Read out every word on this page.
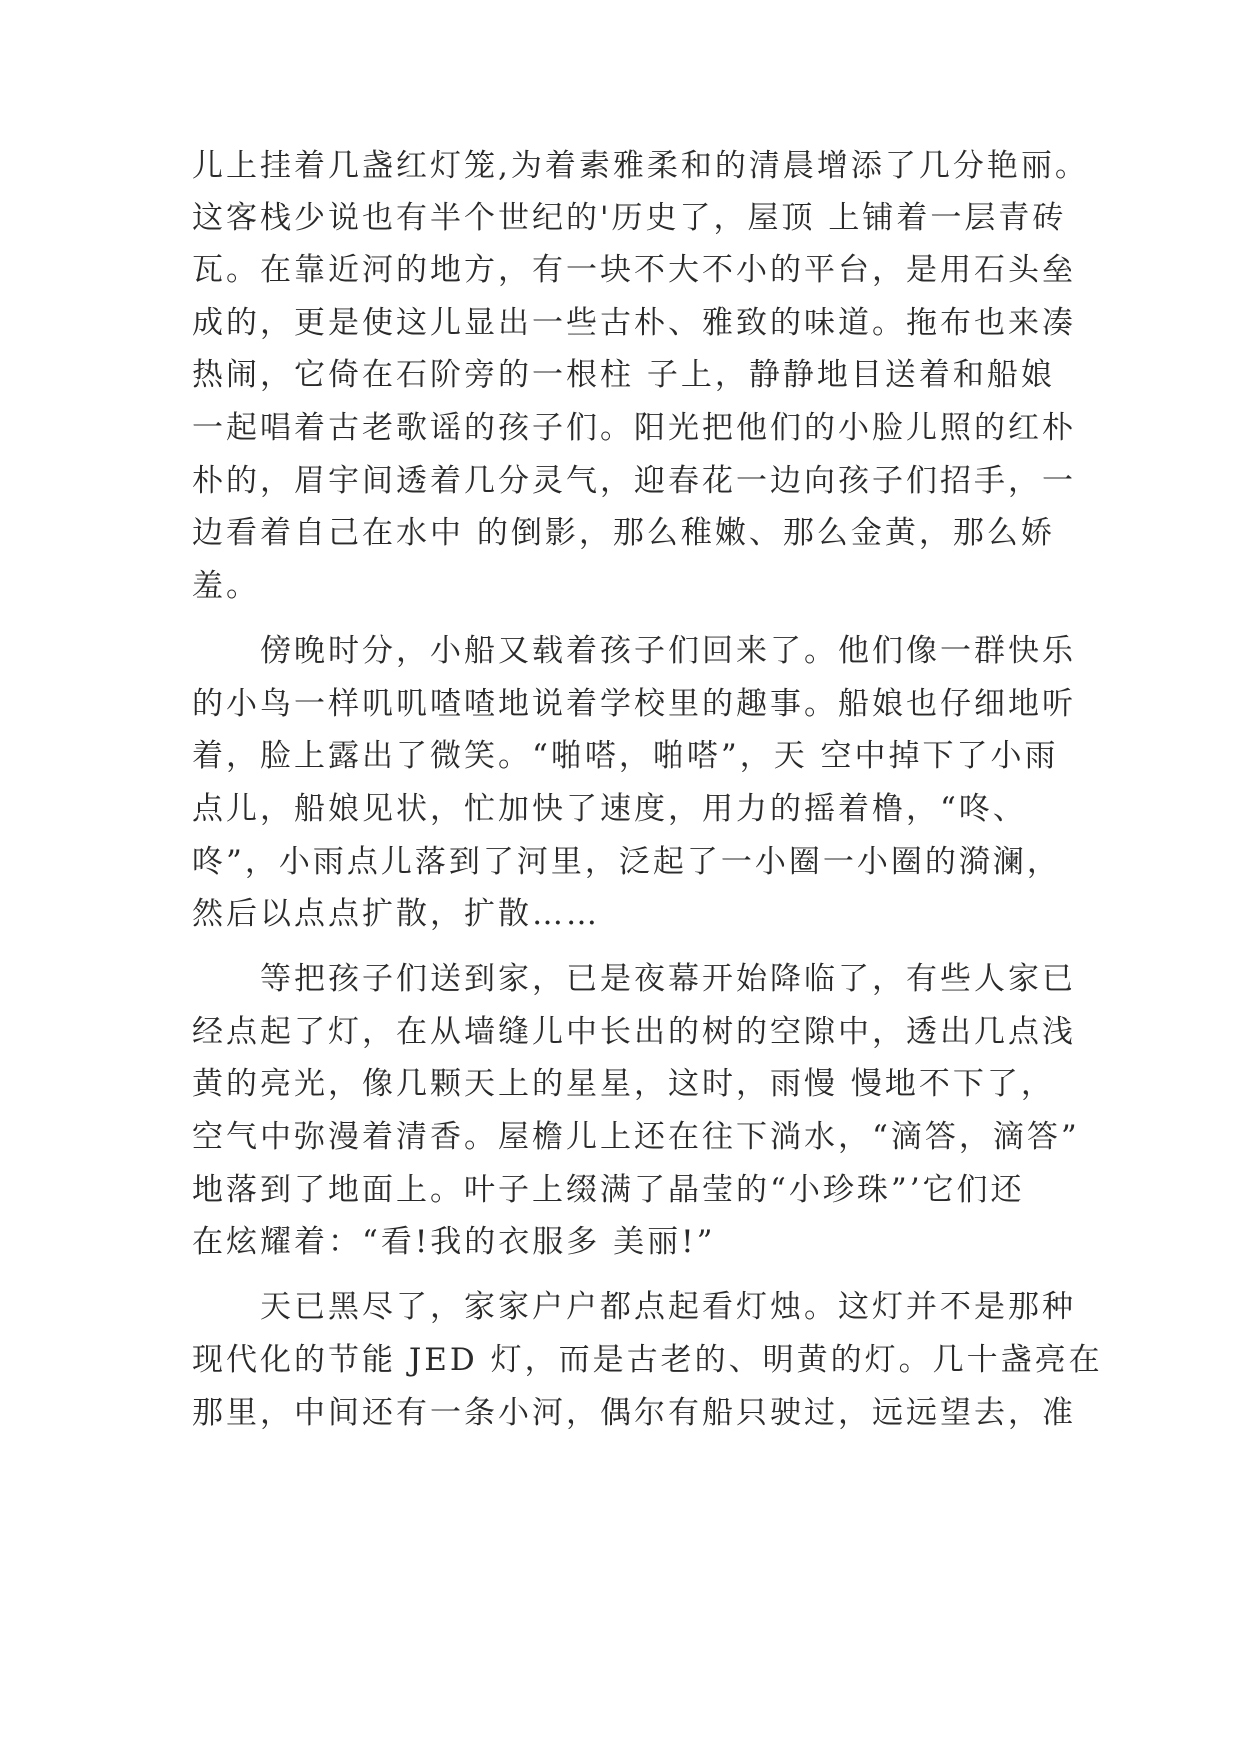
儿上挂着几盏红灯笼,为着素雅柔和的清晨增添了几分艳丽。
这客栈少说也有半个世纪的'历史了，屋顶 上铺着一层青砖
瓦。在靠近河的地方，有一块不大不小的平台，是用石头垒
成的，更是使这儿显出一些古朴、雅致的味道。拖布也来凑
热闹，它倚在石阶旁的一根柱 子上，静静地目送着和船娘
一起唱着古老歌谣的孩子们。阳光把他们的小脸儿照的红朴
朴的，眉宇间透着几分灵气，迎春花一边向孩子们招手，一
边看着自己在水中 的倒影，那么稚嫩、那么金黄，那么娇
羞。
　　傍晚时分，小船又载着孩子们回来了。他们像一群快乐
的小鸟一样叽叽喳喳地说着学校里的趣事。船娘也仔细地听
着，脸上露出了微笑。“啪嗒，啪嗒”，天 空中掉下了小雨
点儿，船娘见状，忙加快了速度，用力的摇着橹，“咚、
咚”，小雨点儿落到了河里，泛起了一小圈一小圈的漪澜，
然后以点点扩散，扩散……
　　等把孩子们送到家，已是夜幕开始降临了，有些人家已
经点起了灯，在从墙缝儿中长出的树的空隙中，透出几点浅
黄的亮光，像几颗天上的星星，这时，雨慢 慢地不下了，
空气中弥漫着清香。屋檐儿上还在往下淌水，“滴答，滴答”
地落到了地面上。叶子上缀满了晶莹的“小珍珠”’它们还
在炫耀着：“看!我的衣服多 美丽!”
　　天已黑尽了，家家户户都点起看灯烛。这灯并不是那种
现代化的节能 JED 灯，而是古老的、明黄的灯。几十盏亮在
那里，中间还有一条小河，偶尔有船只驶过，远远望去，准
